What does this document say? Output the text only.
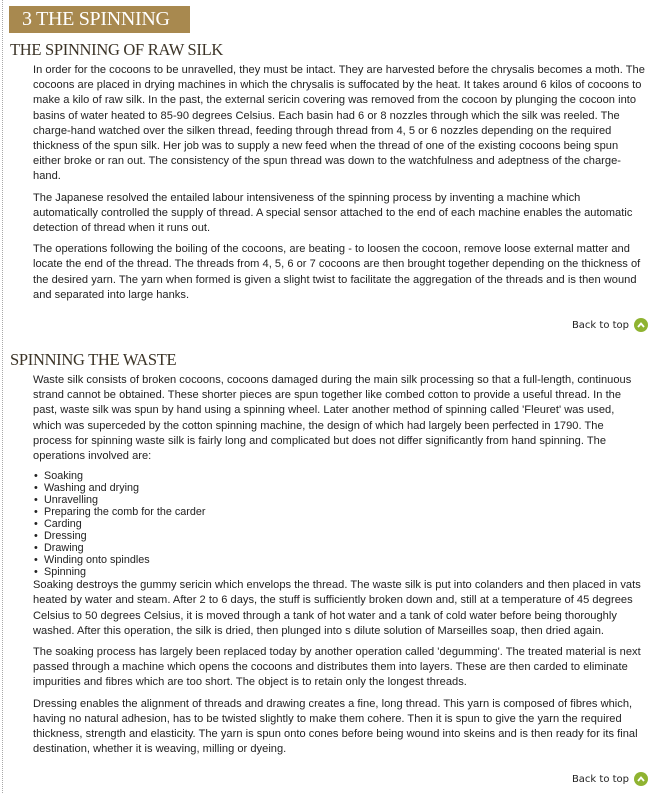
3 THE SPINNING
THE SPINNING OF RAW SILK

In order for the cocoons to be unravelled, they must be intact. They are harvested before the chrysalis becomes a moth. The cocoons are placed in drying machines in which the chrysalis is suffocated by the heat. It takes around 6 kilos of cocoons to make a kilo of raw silk. In the past, the external sericin covering was removed from the cocoon by plunging the cocoon into basins of water heated to 85-90 degrees Celsius. Each basin had 6 or 8 nozzles through which the silk was reeled. The charge-hand watched over the silken thread, feeding through thread from 4, 5 or 6 nozzles depending on the required thickness of the spun silk. Her job was to supply a new feed when the thread of one of the existing cocoons being spun either broke or ran out. The consistency of the spun thread was down to the watchfulness and adeptness of the charge-hand.

The Japanese resolved the entailed labour intensiveness of the spinning process by inventing a machine which automatically controlled the supply of thread. A special sensor attached to the end of each machine enables the automatic detection of thread when it runs out.

The operations following the boiling of the cocoons, are beating - to loosen the cocoon, remove loose external matter and locate the end of the thread. The threads from 4, 5, 6 or 7 cocoons are then brought together depending on the thickness of the desired yarn. The yarn when formed is given a slight twist to facilitate the aggregation of the threads and is then wound and separated into large hanks.

Back to top
SPINNING THE WASTE

Waste silk consists of broken cocoons, cocoons damaged during the main silk processing so that a full-length, continuous strand cannot be obtained. These shorter pieces are spun together like combed cotton to provide a useful thread. In the past, waste silk was spun by hand using a spinning wheel. Later another method of spinning called 'Fleuret' was used, which was superceded by the cotton spinning machine, the design of which had largely been perfected in 1790. The process for spinning waste silk is fairly long and complicated but does not differ significantly from hand spinning. The operations involved are:

• Soaking
• Washing and drying
• Unravelling
• Preparing the comb for the carder
• Carding
• Dressing
• Drawing
• Winding onto spindles
• Spinning

Soaking destroys the gummy sericin which envelops the thread. The waste silk is put into colanders and then placed in vats heated by water and steam. After 2 to 6 days, the stuff is sufficiently broken down and, still at a temperature of 45 degrees Celsius to 50 degrees Celsius, it is moved through a tank of hot water and a tank of cold water before being thoroughly washed. After this operation, the silk is dried, then plunged into s dilute solution of Marseilles soap, then dried again.

The soaking process has largely been replaced today by another operation called 'degumming'. The treated material is next passed through a machine which opens the cocoons and distributes them into layers. These are then carded to eliminate impurities and fibres which are too short. The object is to retain only the longest threads.

Dressing enables the alignment of threads and drawing creates a fine, long thread. This yarn is composed of fibres which, having no natural adhesion, has to be twisted slightly to make them cohere. Then it is spun to give the yarn the required thickness, strength and elasticity. The yarn is spun onto cones before being wound into skeins and is then ready for its final destination, whether it is weaving, milling or dyeing.

Back to top
